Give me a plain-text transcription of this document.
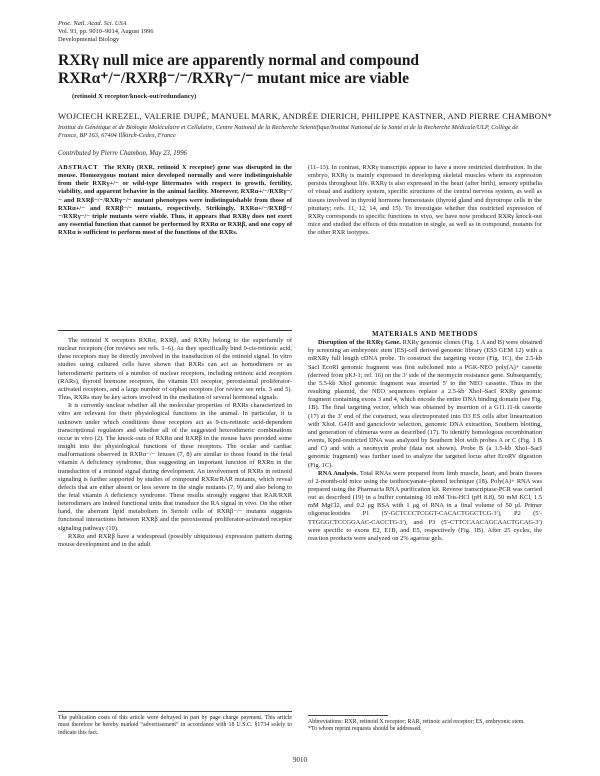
Proc. Natl. Acad. Sci. USA
Vol. 93, pp. 9010–9014, August 1996
Developmental Biology
RXRγ null mice are apparently normal and compound
RXRα⁺/⁻/RXRβ⁻/⁻/RXRγ⁻/⁻ mutant mice are viable
(retinoid X receptor/knock-out/redundancy)
WOJCIECH KREZEL, VALERIE DUPÉ, MANUEL MARK, ANDRÉE DIERICH, PHILIPPE KASTNER, AND PIERRE CHAMBON*
Institut de Génétique et de Biologie Moléculaire et Cellulaire, Centre National de la Recherche Scientifique/Institut National de la Santé et de la Recherche Médicale/ULP, Collège de France, BP 163, 67404 Illkirch-Cedex, France
Contributed by Pierre Chambon, May 23, 1996

ABSTRACT The RXRγ (RXR, retinoid X receptor) gene was disrupted in the mouse. Homozygous mutant mice developed normally and were indistinguishable from their RXRγ+/− or wild-type littermates with respect to growth, fertility, viability, and apparent behavior in the animal facility. Moreover, RXRα+/−/RXRγ−/− and RXRβ−/−/RXRγ−/− mutant phenotypes were indistinguishable from those of RXRα+/− and RXRβ−/− mutants, respectively. Strikingly, RXRα+/−/RXRβ−/−/RXRγ−/− triple mutants were viable. Thus, it appears that RXRγ does not exert any essential function that cannot be performed by RXRα or RXRβ, and one copy of RXRα is sufficient to perform most of the functions of the RXRs.

(11–13). In contrast, RXRγ transcripts appear to have a more restricted distribution. In the embryo, RXRγ is mainly expressed in developing skeletal muscles where its expression persists throughout life. RXRγ is also expressed in the heart (after birth), sensory epithelia of visual and auditory system, specific structures of the central nervous system, as well as tissues involved in thyroid hormone homeostasis (thyroid gland and thyrotrope cells in the pituitary; refs. 11, 12, 14, and 15). To investigate whether this restricted expression of RXRγ corresponds to specific functions in vivo, we have now produced RXRγ knock-out mice and studied the effects of this mutation in single, as well as in compound, mutants for the other RXR isotypes.

The retinoid X receptors RXRα, RXRβ, and RXRγ belong to the superfamily of nuclear receptors (for reviews see refs. 1–6). As they specifically bind 9-cis-retinoic acid, these receptors may be directly involved in the transduction of the retinoid signal. In vitro studies using cultured cells have shown that RXRs can act as homodimers or as heterodimeric partners of a number of nuclear receptors, including retinoic acid receptors (RARs), thyroid hormone receptors, the vitamin D3 receptor, peroxisomal proliferator-activated receptors, and a large number of orphan receptors (for review see refs. 3 and 5). Thus, RXRs may be key actors involved in the mediation of several hormonal signals.

It is currently unclear whether all the molecular properties of RXRs characterized in vitro are relevant for their physiological functions in the animal. In particular, it is unknown under which conditions these receptors act as 9-cis-retinoic acid-dependent transcriptional regulators and whether all of the suggested heterodimeric combinations occur in vivo (2). The knock-outs of RXRα and RXRβ in the mouse have provided some insight into the physiological functions of these receptors. The ocular and cardiac malformations observed in RXRα−/− fetuses (7, 8) are similar to those found in the fetal vitamin A deficiency syndrome, thus suggesting an important function of RXRα in the transduction of a retinoid signal during development. An involvement of RXRs in retinoid signaling is further supported by studies of compound RXRα/RAR mutants, which reveal defects that are either absent or less severe in the single mutants (7, 9) and also belong to the fetal vitamin A deficiency syndrome. These results strongly suggest that RAR/RXR heterodimers are indeed functional units that transduce the RA signal in vivo. On the other hand, the aberrant lipid metabolism in Sertoli cells of RXRβ−/− mutants suggests functional interactions between RXRβ and the peroxisomal proliferator-activated receptor signaling pathway (10).

RXRα and RXRβ have a widespread (possibly ubiquitous) expression pattern during mouse development and in the adult

MATERIALS AND METHODS

Disruption of the RXRγ Gene. RXRγ genomic clones (Fig. 1 A and B) were obtained by screening an embryonic stem (ES)-cell derived genomic library (ES3 GEM 12) with a mRXRγ full length cDNA probe. To construct the targeting vector (Fig. 1C), the 2.5-kb SacI EcoRI genomic fragment was first subcloned into a PGK-NEO poly(A)+ cassette (derived from pKJ-1; ref. 16) on the 3′ side of the neomycin resistance gene. Subsequently, the 5.5-kb XhoI genomic fragment was inserted 5′ to the NEO cassette. Thus in the resulting plasmid, the NEO sequences replace a 2.5-kb XhoI–SacI RXRγ genomic fragment containing exons 3 and 4, which encode the entire DNA binding domain (see Fig. 1B). The final targeting vector, which was obtained by insertion of a G11.11-tk cassette (17) at the 3′ end of the construct, was electroporated into D3 ES cells after linearization with XhoI. G418 and ganciclovir selection, genomic DNA extraction, Southern blotting, and generation of chimeras were as described (17). To identify homologous recombination events, KpnI-restricted DNA was analyzed by Southern blot with probes A or C (Fig. 1 B and C) and with a neomycin probe (data not shown). Probe B (a 1.5-kb XhoI–SacI genomic fragment) was further used to analyze the targeted locus after EcoRV digestion (Fig. 1C).

RNA Analysis. Total RNAs were prepared from limb muscle, heart, and brain tissues of 2-month-old mice using the isothiocyanate–phenol technique (18). Poly(A)+ RNA was prepared using the Pharmacia RNA purification kit. Reverse transcriptase-PCR was carried out as described (19) in a buffer containing 10 mM Tris-HCl (pH 8.8), 50 mM KCl, 1.5 mM MgCl2, and 0.2 μg BSA with 1 μg of RNA in a final volume of 50 μl. Primer oligonucleotides P1 (5′-GCTCCCTCGGT-CACACTGGCTCG-3′), P2 (5′-TTGGGCTCCGGAAC-CACCTG-3′), and P3 (5′-CTTCCAACAGCAACTGCAG-3′) were specific to exons E2, E1B, and E5, respectively (Fig. 1B). After 25 cycles, the reaction products were analyzed on 2% agarose gels.

The publication costs of this article were defrayed in part by page charge payment. This article must therefore be hereby marked “advertisement” in accordance with 18 U.S.C. §1734 solely to indicate this fact.
Abbreviations: RXR, retinoid X receptor; RAR, retinoic acid receptor; ES, embryonic stem.
*To whom reprint requests should be addressed.
9010
